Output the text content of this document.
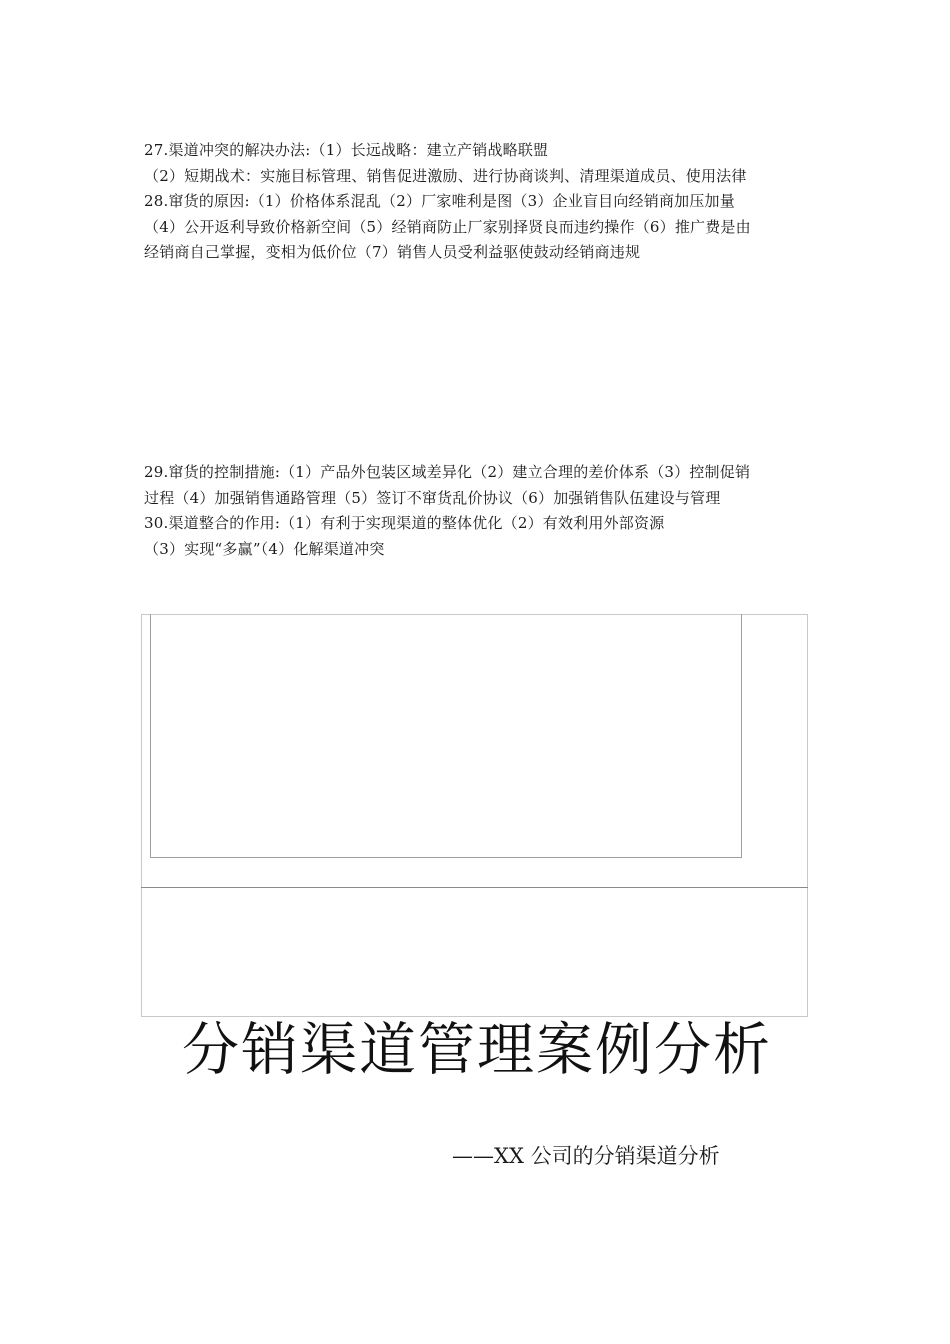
27.渠道冲突的解决办法:（1）长远战略：建立产销战略联盟
（2）短期战术：实施目标管理、销售促进激励、进行协商谈判、清理渠道成员、使用法律
28.窜货的原因:（1）价格体系混乱（2）厂家唯利是图（3）企业盲目向经销商加压加量
（4）公开返利导致价格新空间（5）经销商防止厂家别择贤良而违约操作（6）推广费是由
经销商自己掌握，变相为低价位（7）销售人员受利益驱使鼓动经销商违规
29.窜货的控制措施:（1）产品外包装区域差异化（2）建立合理的差价体系（3）控制促销
过程（4）加强销售通路管理（5）签订不窜货乱价协议（6）加强销售队伍建设与管理
30.渠道整合的作用:（1）有利于实现渠道的整体优化（2）有效利用外部资源
（3）实现“多赢”（4）化解渠道冲突
分销渠道管理案例分析
——XX 公司的分销渠道分析
